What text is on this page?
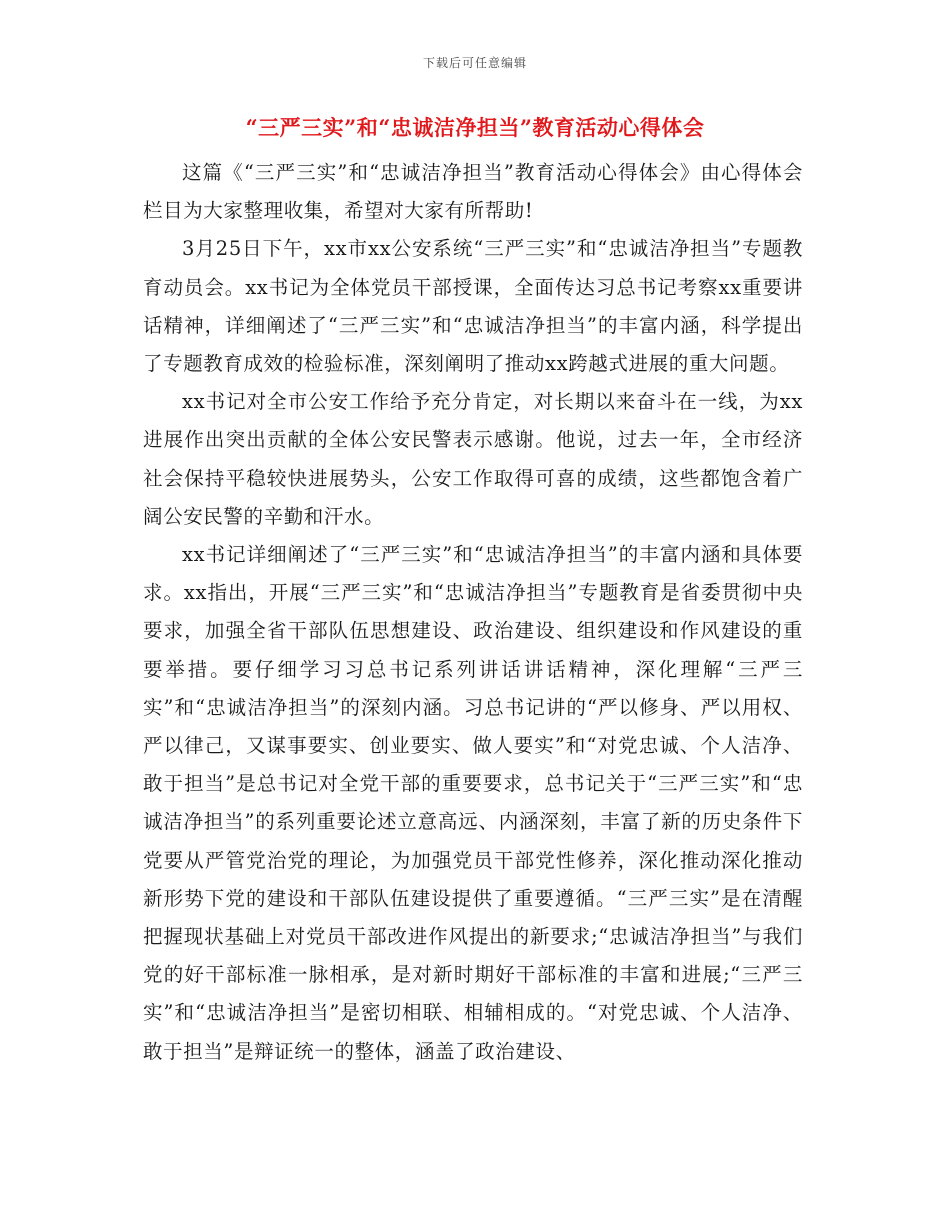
下载后可任意编辑
“三严三实”和“忠诚洁净担当”教育活动心得体会

这篇《“三严三实”和“忠诚洁净担当”教育活动心得体会》由心得体会栏目为大家整理收集，希望对大家有所帮助!

3月25日下午，xx市xx公安系统“三严三实”和“忠诚洁净担当”专题教育动员会。xx书记为全体党员干部授课，全面传达习总书记考察xx重要讲话精神，详细阐述了“三严三实”和“忠诚洁净担当”的丰富内涵，科学提出了专题教育成效的检验标准，深刻阐明了推动xx跨越式进展的重大问题。

xx书记对全市公安工作给予充分肯定，对长期以来奋斗在一线，为xx进展作出突出贡献的全体公安民警表示感谢。他说，过去一年，全市经济社会保持平稳较快进展势头，公安工作取得可喜的成绩，这些都饱含着广阔公安民警的辛勤和汗水。

xx书记详细阐述了“三严三实”和“忠诚洁净担当”的丰富内涵和具体要求。xx指出，开展“三严三实”和“忠诚洁净担当”专题教育是省委贯彻中央要求，加强全省干部队伍思想建设、政治建设、组织建设和作风建设的重要举措。要仔细学习习总书记系列讲话讲话精神，深化理解“三严三实”和“忠诚洁净担当”的深刻内涵。习总书记讲的“严以修身、严以用权、严以律己，又谋事要实、创业要实、做人要实”和“对党忠诚、个人洁净、敢于担当”是总书记对全党干部的重要要求，总书记关于“三严三实”和“忠诚洁净担当”的系列重要论述立意高远、内涵深刻，丰富了新的历史条件下党要从严管党治党的理论，为加强党员干部党性修养，深化推动深化推动新形势下党的建设和干部队伍建设提供了重要遵循。“三严三实”是在清醒把握现状基础上对党员干部改进作风提出的新要求;“忠诚洁净担当”与我们党的好干部标准一脉相承，是对新时期好干部标准的丰富和进展;“三严三实”和“忠诚洁净担当”是密切相联、相辅相成的。“对党忠诚、个人洁净、敢于担当”是辩证统一的整体，涵盖了政治建设、
